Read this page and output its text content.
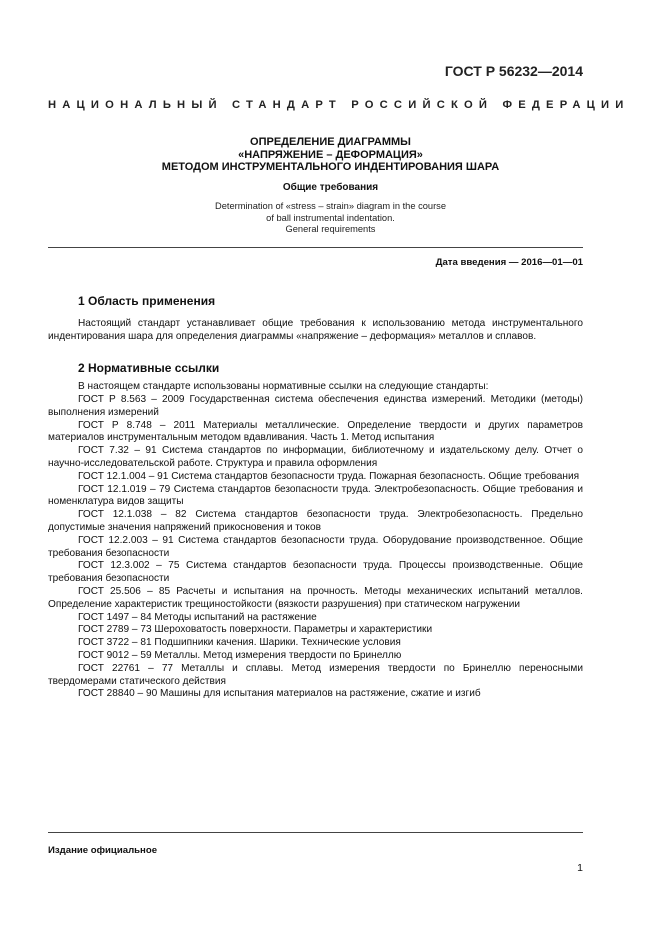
ГОСТ Р 56232—2014
НАЦИОНАЛЬНЫЙ СТАНДАРТ РОССИЙСКОЙ ФЕДЕРАЦИИ
ОПРЕДЕЛЕНИЕ ДИАГРАММЫ
«НАПРЯЖЕНИЕ – ДЕФОРМАЦИЯ»
МЕТОДОМ ИНСТРУМЕНТАЛЬНОГО ИНДЕНТИРОВАНИЯ ШАРА
Общие требования
Determination of «stress – strain» diagram in the course
of ball instrumental indentation.
General requirements
Дата введения — 2016—01—01
1 Область применения
Настоящий стандарт устанавливает общие требования к использованию метода инструментального индентирования шара для определения диаграммы «напряжение – деформация» металлов и сплавов.
2 Нормативные ссылки
В настоящем стандарте использованы нормативные ссылки на следующие стандарты:
ГОСТ Р 8.563 – 2009 Государственная система обеспечения единства измерений. Методики (методы) выполнения измерений
ГОСТ Р 8.748 – 2011 Материалы металлические. Определение твердости и других параметров материалов инструментальным методом вдавливания. Часть 1. Метод испытания
ГОСТ 7.32 – 91 Система стандартов по информации, библиотечному и издательскому делу. Отчет о научно-исследовательской работе. Структура и правила оформления
ГОСТ 12.1.004 – 91 Система стандартов безопасности труда. Пожарная безопасность. Общие требования
ГОСТ 12.1.019 – 79 Система стандартов безопасности труда. Электробезопасность. Общие требования и номенклатура видов защиты
ГОСТ 12.1.038 – 82 Система стандартов безопасности труда. Электробезопасность. Предельно допустимые значения напряжений прикосновения и токов
ГОСТ 12.2.003 – 91 Система стандартов безопасности труда. Оборудование производственное. Общие требования безопасности
ГОСТ 12.3.002 – 75 Система стандартов безопасности труда. Процессы производственные. Общие требования безопасности
ГОСТ 25.506 – 85 Расчеты и испытания на прочность. Методы механических испытаний металлов. Определение характеристик трещиностойкости (вязкости разрушения) при статическом нагружении
ГОСТ 1497 – 84 Методы испытаний на растяжение
ГОСТ 2789 – 73 Шероховатость поверхности. Параметры и характеристики
ГОСТ 3722 – 81 Подшипники качения. Шарики. Технические условия
ГОСТ 9012 – 59 Металлы. Метод измерения твердости по Бринеллю
ГОСТ 22761 – 77 Металлы и сплавы. Метод измерения твердости по Бринеллю переносными твердомерами статического действия
ГОСТ 28840 – 90 Машины для испытания материалов на растяжение, сжатие и изгиб
Издание официальное
1
